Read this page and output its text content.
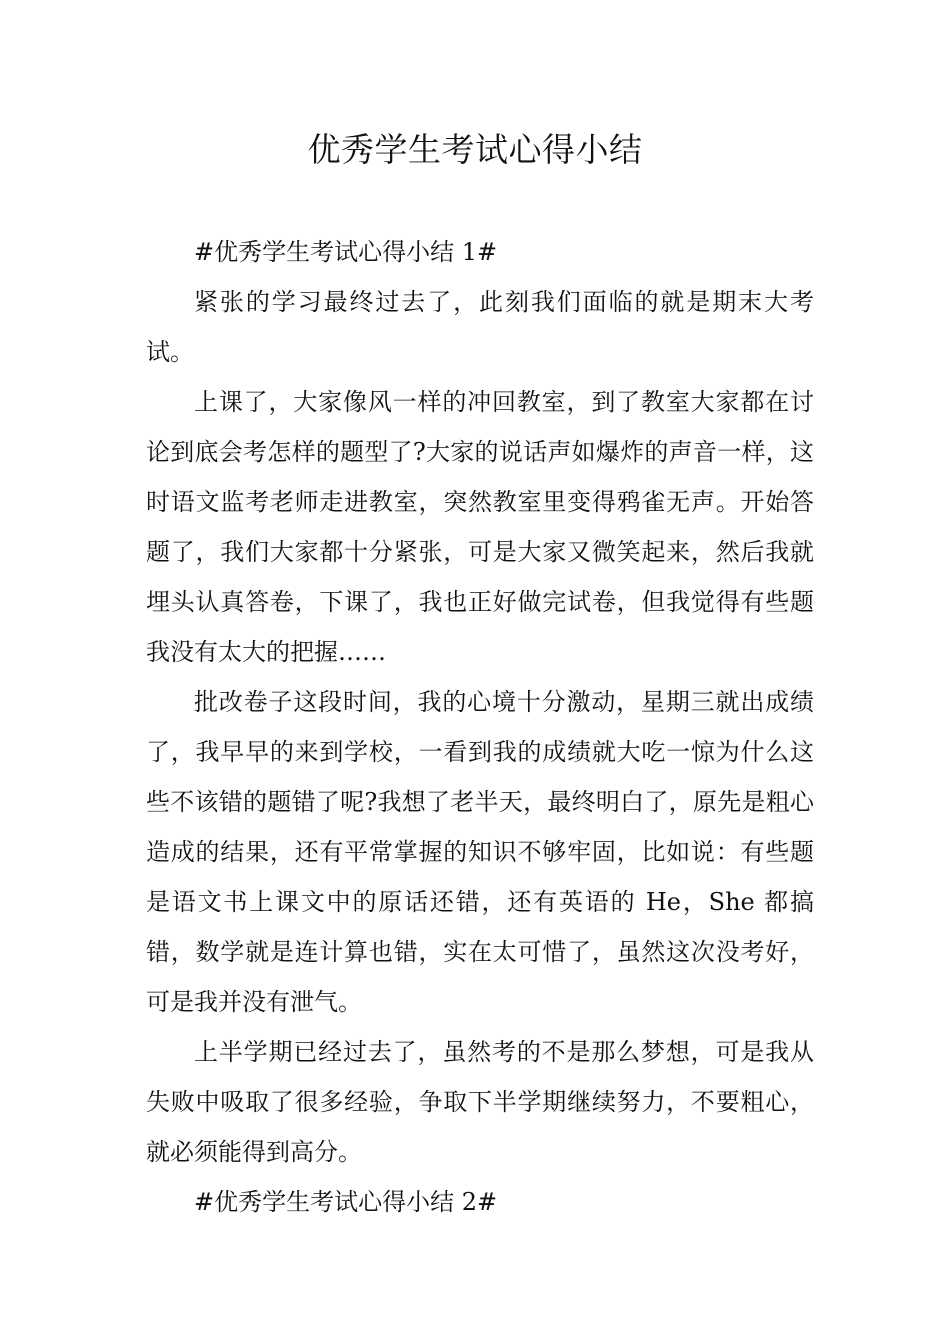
优秀学生考试心得小结

#优秀学生考试心得小结 1#

紧张的学习最终过去了，此刻我们面临的就是期末大考试。

上课了，大家像风一样的冲回教室，到了教室大家都在讨论到底会考怎样的题型了?大家的说话声如爆炸的声音一样，这时语文监考老师走进教室，突然教室里变得鸦雀无声。开始答题了，我们大家都十分紧张，可是大家又微笑起来，然后我就埋头认真答卷，下课了，我也正好做完试卷，但我觉得有些题我没有太大的把握……

批改卷子这段时间，我的心境十分激动，星期三就出成绩了，我早早的来到学校，一看到我的成绩就大吃一惊为什么这些不该错的题错了呢?我想了老半天，最终明白了，原先是粗心造成的结果，还有平常掌握的知识不够牢固，比如说：有些题是语文书上课文中的原话还错，还有英语的 He，She 都搞错，数学就是连计算也错，实在太可惜了，虽然这次没考好，可是我并没有泄气。

上半学期已经过去了，虽然考的不是那么梦想，可是我从失败中吸取了很多经验，争取下半学期继续努力，不要粗心，就必须能得到高分。

#优秀学生考试心得小结 2#
